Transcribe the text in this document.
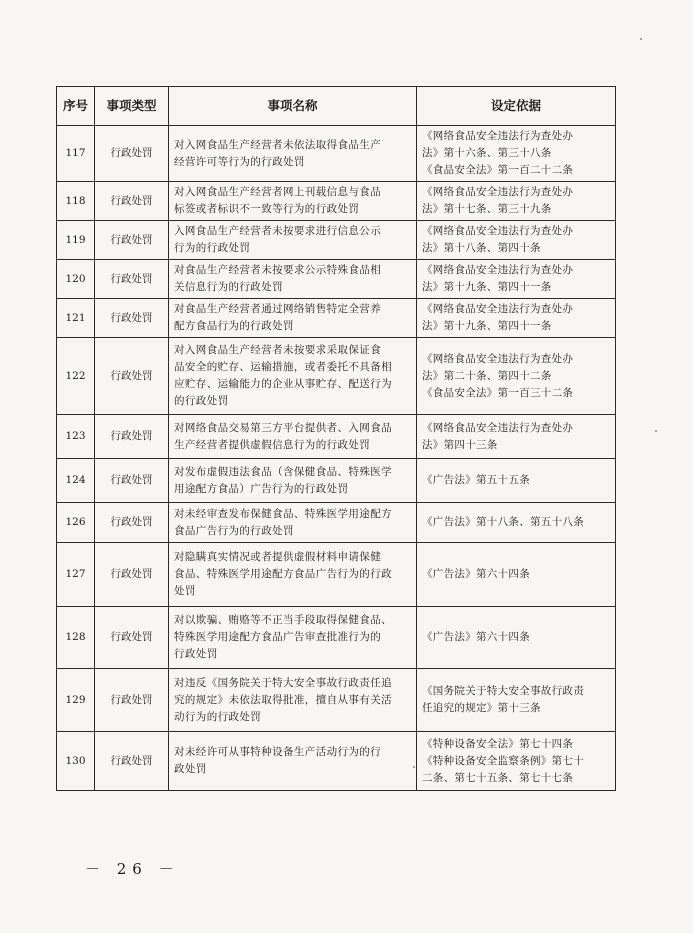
序号	事项类型	事项名称	设定依据
117	行政处罚	对入网食品生产经营者未依法取得食品生产
经营许可等行为的行政处罚	《网络食品安全违法行为查处办
法》第十六条、第三十八条
《食品安全法》第一百二十二条

118	行政处罚	对入网食品生产经营者网上刊载信息与食品
标签或者标识不一致等行为的行政处罚	《网络食品安全违法行为查处办
法》第十七条、第三十九条

119	行政处罚	入网食品生产经营者未按要求进行信息公示
行为的行政处罚	《网络食品安全违法行为查处办
法》第十八条、第四十条

120	行政处罚	对食品生产经营者未按要求公示特殊食品相
关信息行为的行政处罚	《网络食品安全违法行为查处办
法》第十九条、第四十一条

121	行政处罚	对食品生产经营者通过网络销售特定全营养
配方食品行为的行政处罚	《网络食品安全违法行为查处办
法》第十九条、第四十一条

122	行政处罚	对入网食品生产经营者未按要求采取保证食
品安全的贮存、运输措施，或者委托不具备相
应贮存、运输能力的企业从事贮存、配送行为
的行政处罚	《网络食品安全违法行为查处办
法》第二十条、第四十二条
《食品安全法》第一百三十二条

123	行政处罚	对网络食品交易第三方平台提供者、入网食品
生产经营者提供虚假信息行为的行政处罚	《网络食品安全违法行为查处办
法》第四十三条

124	行政处罚	对发布虚假违法食品（含保健食品、特殊医学
用途配方食品）广告行为的行政处罚	《广告法》第五十五条

126	行政处罚	对未经审查发布保健食品、特殊医学用途配方
食品广告行为的行政处罚	《广告法》第十八条、第五十八条

127	行政处罚	对隐瞒真实情况或者提供虚假材料申请保健
食品、特殊医学用途配方食品广告行为的行政
处罚	《广告法》第六十四条

128	行政处罚	对以欺骗、贿赂等不正当手段取得保健食品、
特殊医学用途配方食品广告审查批准行为的
行政处罚	《广告法》第六十四条

129	行政处罚	对违反《国务院关于特大安全事故行政责任追
究的规定》未依法取得批准，擅自从事有关活
动行为的行政处罚	《国务院关于特大安全事故行政责
任追究的规定》第十三条

130	行政处罚	对未经许可从事特种设备生产活动行为的行
政处罚	《特种设备安全法》第七十四条
《特种设备安全监察条例》第七十
二条、第七十五条、第七十七条
－ 26 －
